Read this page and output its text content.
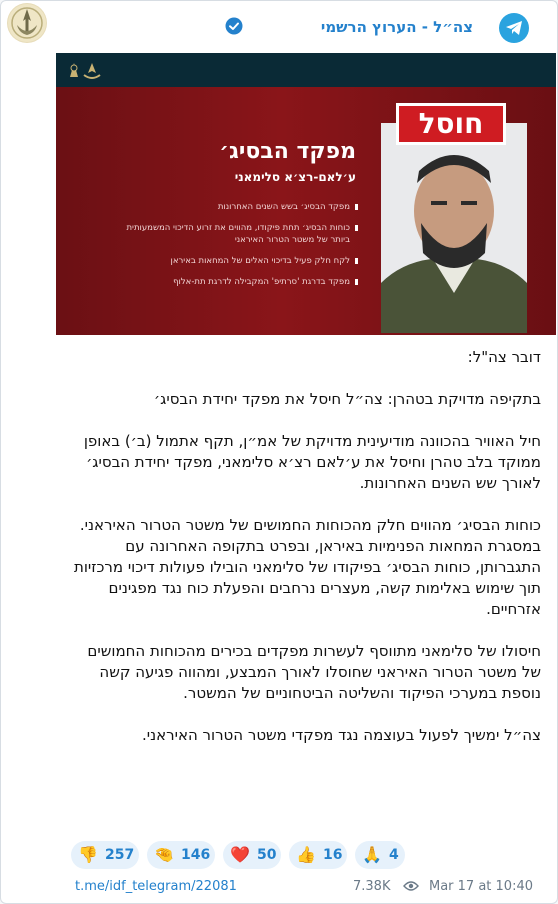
צה״ל - הערוץ הרשמי
חוסל
מפקד הבסיג׳
ע׳לאם-רצ׳א סלימאני
מפקד הבסיג׳ בשש השנים האחרונות
כוחות הבסיג׳ תחת פיקודו, מהווים את זרוע הדיכוי המשמעותית ביותר של משטר הטרור האיראני
לקח חלק פעיל בדיכוי האלים של המחאות באיראן
מפקד בדרגת 'סרתיפ' המקבילה לדרגת תת-אלוף

דובר צה"ל:

בתקיפה מדויקת בטהרן: צה״ל חיסל את מפקד יחידת הבסיג׳

חיל האוויר בהכוונה מודיעינית מדויקת של אמ״ן, תקף אתמול (ב׳) באופן ממוקד בלב טהרן וחיסל את ע׳לאם רצ׳א סלימאני, מפקד יחידת הבסיג׳ לאורך שש השנים האחרונות.

כוחות הבסיג׳ מהווים חלק מהכוחות החמושים של משטר הטרור האיראני.

במסגרת המחאות הפנימיות באיראן, ובפרט בתקופה האחרונה עם התגברותן, כוחות הבסיג׳ בפיקודו של סלימאני הובילו פעולות דיכוי מרכזיות תוך שימוש באלימות קשה, מעצרים נרחבים והפעלת כוח נגד מפגינים אזרחיים.

חיסולו של סלימאני מתווסף לעשרות מפקדים בכירים מהכוחות החמושים של משטר הטרור האיראני שחוסלו לאורך המבצע, ומהווה פגיעה קשה נוספת במערכי הפיקוד והשליטה הביטחוניים של המשטר.

צה״ל ימשיך לפעול בעוצמה נגד מפקדי משטר הטרור האיראני.

👎 257 🤏 146 ❤️ 50 👍 16 🙏 4
t.me/idf_telegram/22081	7.38K	Mar 17 at 10:40
